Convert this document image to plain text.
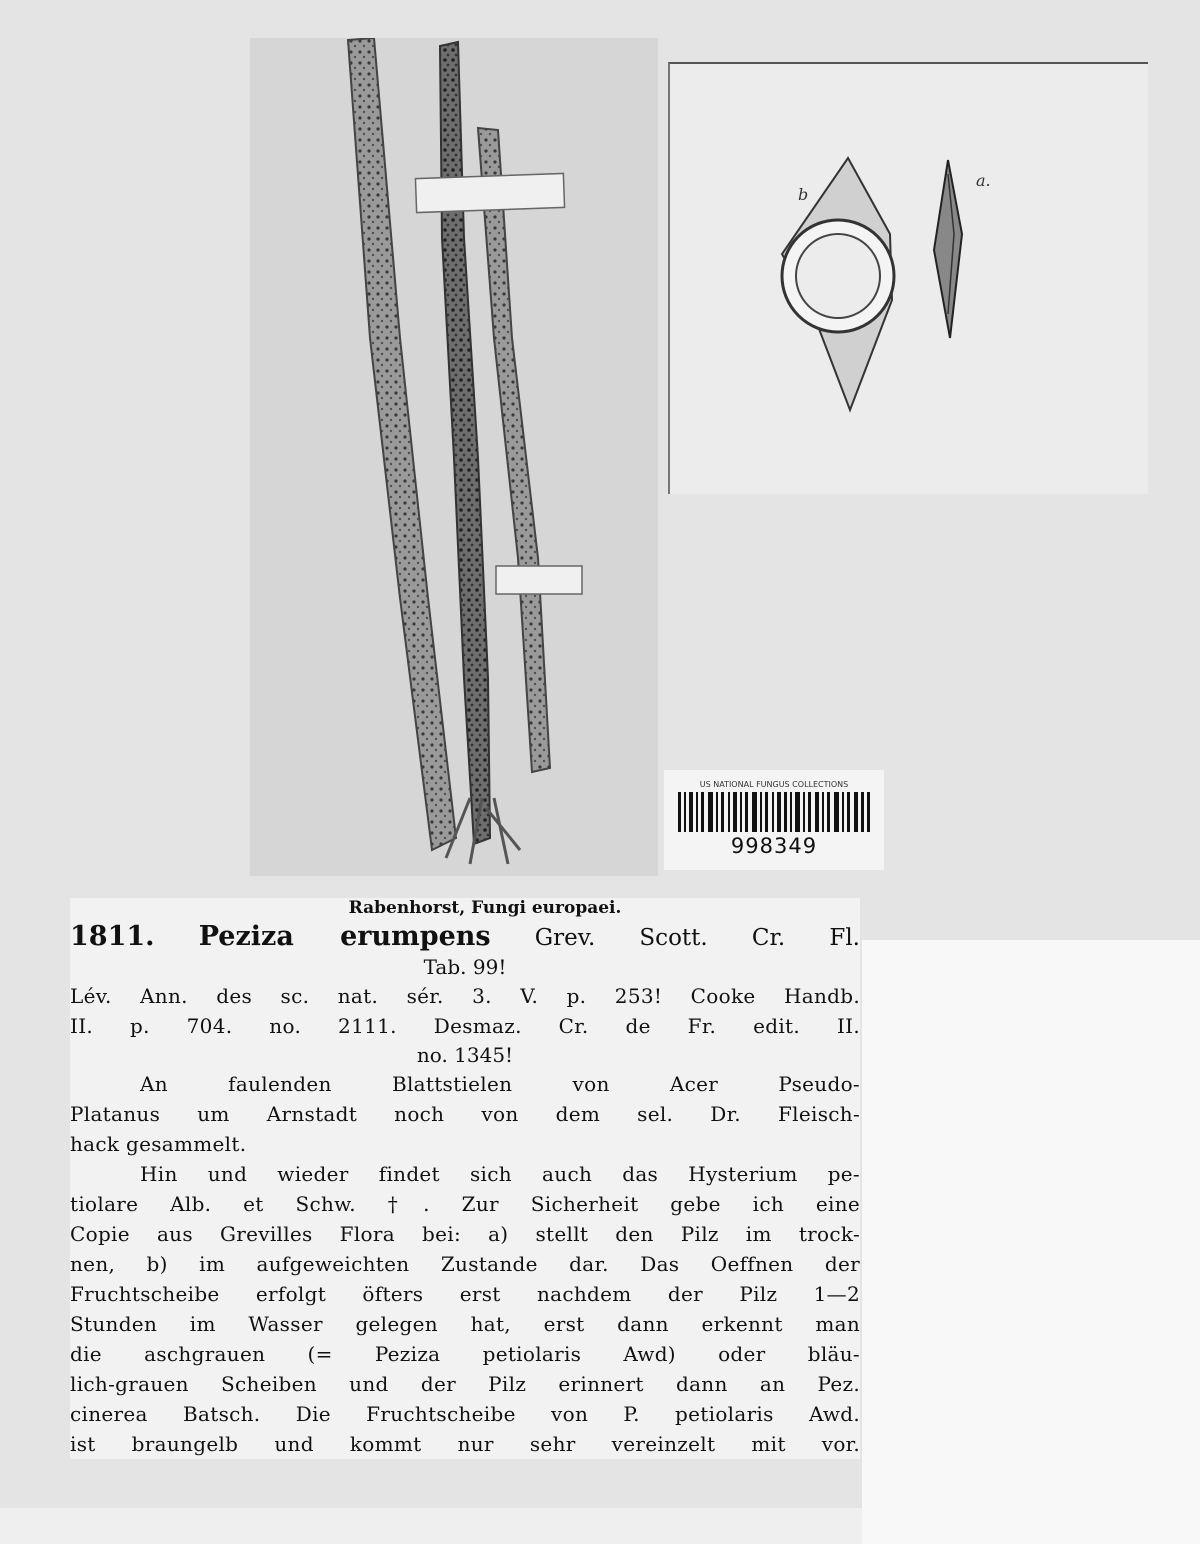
b
a.
US NATIONAL FUNGUS COLLECTIONS
998349
Rabenhorst, Fungi europaei.
1811. Peziza erumpens Grev. Scott. Cr. Fl.
Tab. 99!
Lév. Ann. des sc. nat. sér. 3. V. p. 253! Cooke Handb.
II. p. 704. no. 2111. Desmaz. Cr. de Fr. edit. II.
no. 1345!
An faulenden Blattstielen von Acer Pseudo-
Platanus um Arnstadt noch von dem sel. Dr. Fleisch-
hack gesammelt.
Hin und wieder findet sich auch das Hysterium pe-
tiolare Alb. et Schw. †. Zur Sicherheit gebe ich eine
Copie aus Grevilles Flora bei: a) stellt den Pilz im trock-
nen, b) im aufgeweichten Zustande dar. Das Oeffnen der
Fruchtscheibe erfolgt öfters erst nachdem der Pilz 1—2
Stunden im Wasser gelegen hat, erst dann erkennt man
die aschgrauen (= Peziza petiolaris Awd) oder bläu-
lich-grauen Scheiben und der Pilz erinnert dann an Pez.
cinerea Batsch. Die Fruchtscheibe von P. petiolaris Awd.
ist braungelb und kommt nur sehr vereinzelt mit vor.
